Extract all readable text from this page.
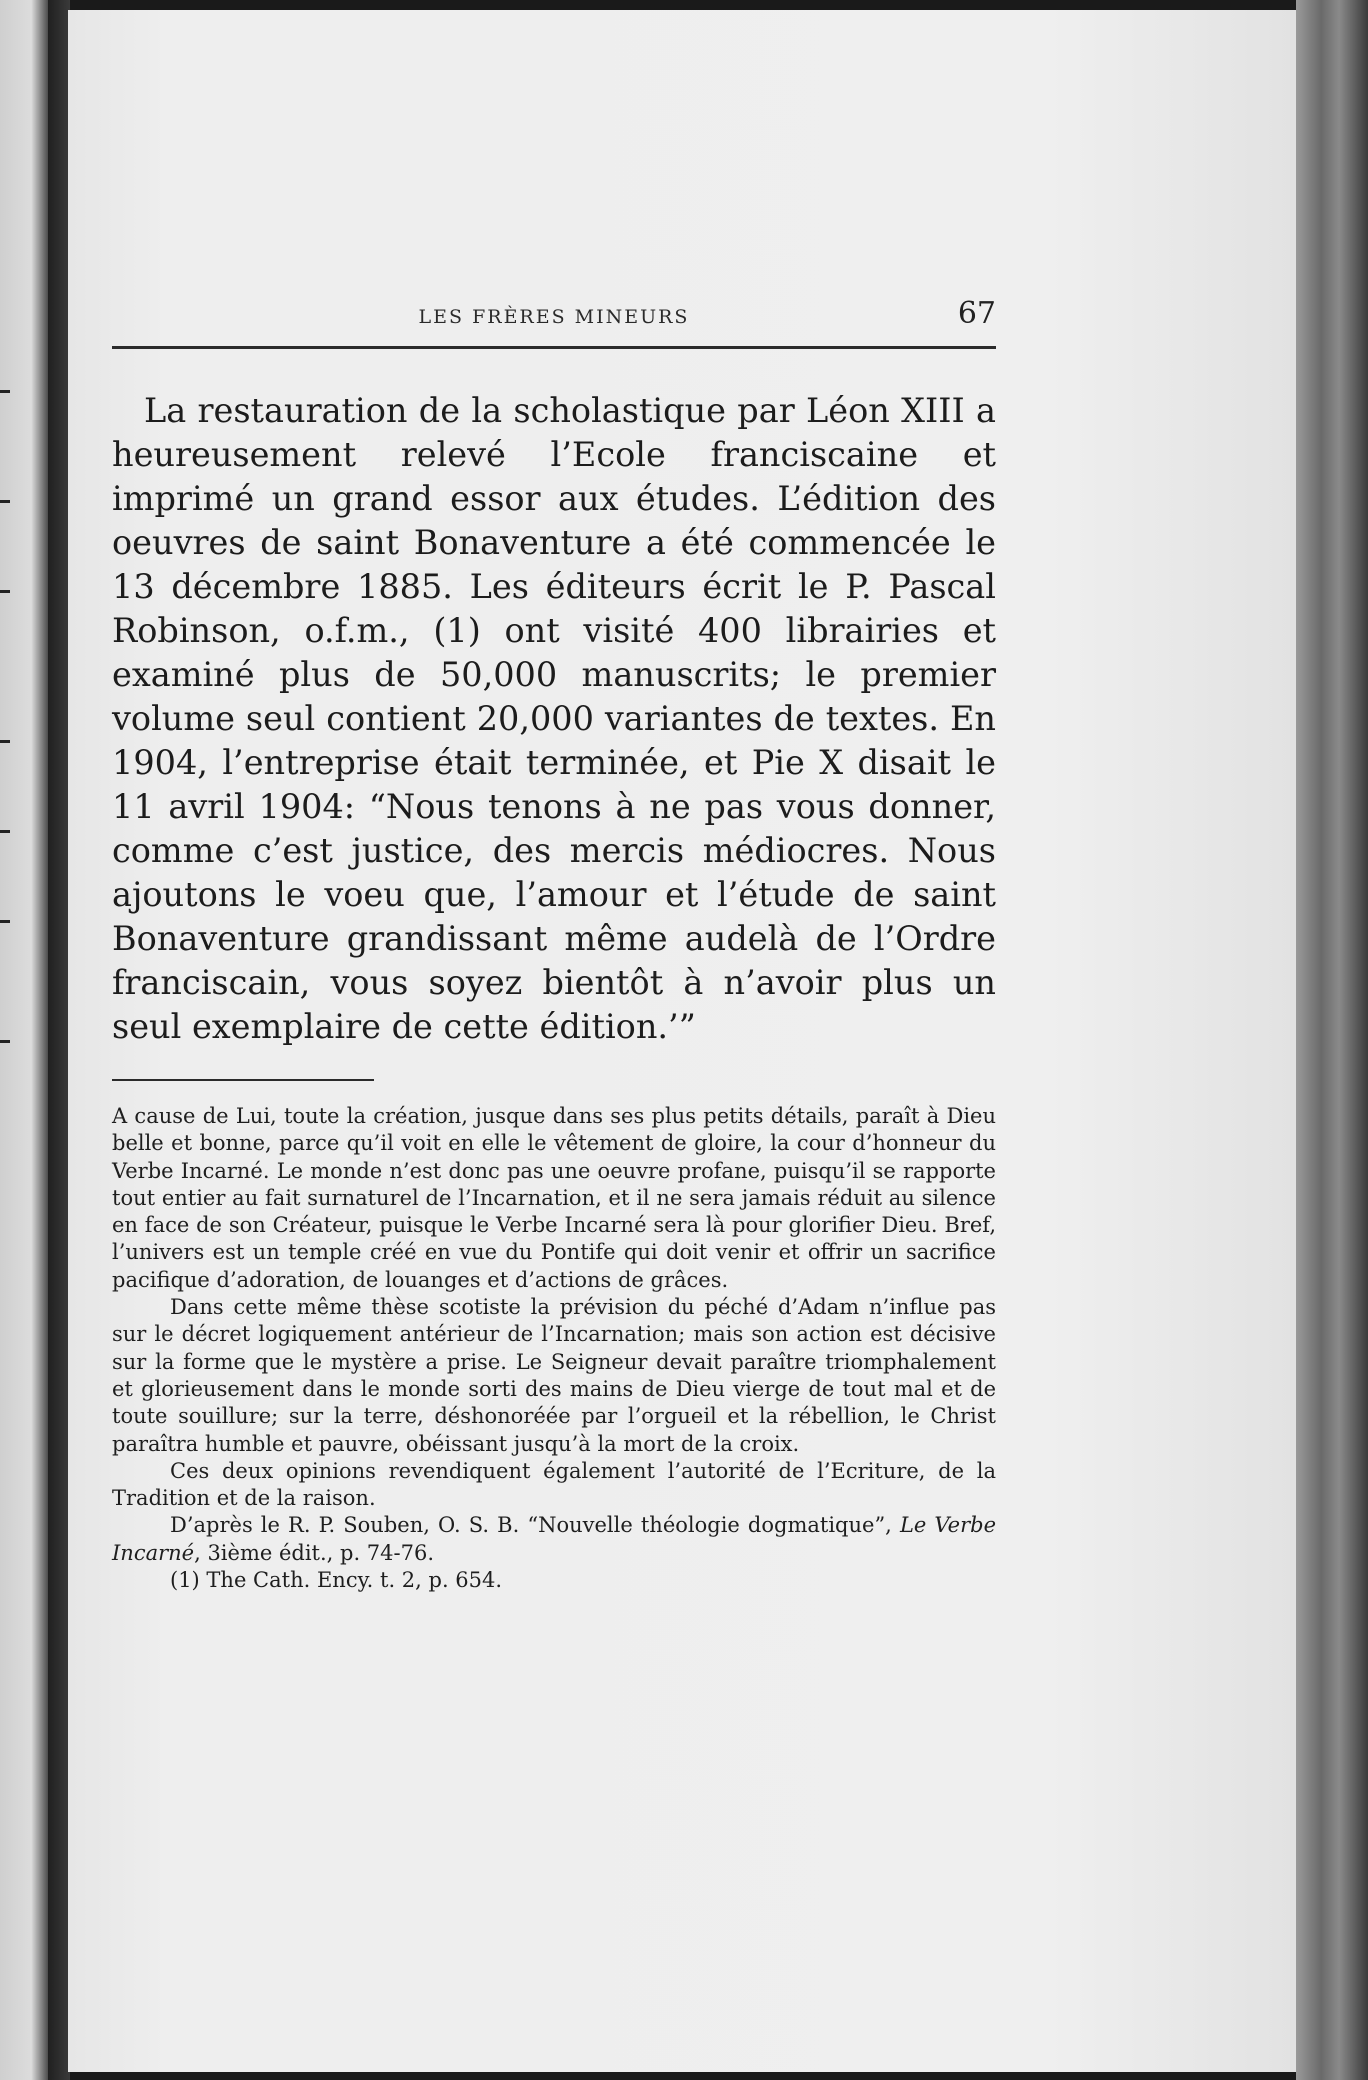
LES FRÈRES MINEURS	67

La restauration de la scholastique par Léon XIII a heureusement relevé l’Ecole franciscaine et imprimé un grand essor aux études. L’édition des oeuvres de saint Bonaventure a été commencée le 13 décembre 1885. Les éditeurs écrit le P. Pascal Robinson, o.f.m., (1) ont visité 400 librairies et examiné plus de 50,000 manuscrits; le premier volume seul contient 20,000 variantes de textes. En 1904, l’entreprise était terminée, et Pie X disait le 11 avril 1904: “Nous tenons à ne pas vous donner, comme c’est justice, des mercis médiocres. Nous ajoutons le voeu que, l’amour et l’étude de saint Bonaventure grandissant même audelà de l’Ordre franciscain, vous soyez bientôt à n’avoir plus un seul exemplaire de cette édition.’”

A cause de Lui, toute la création, jusque dans ses plus petits détails, paraît à Dieu belle et bonne, parce qu’il voit en elle le vêtement de gloire, la cour d’honneur du Verbe Incarné. Le monde n’est donc pas une oeuvre profane, puisqu’il se rapporte tout entier au fait surnaturel de l’Incarnation, et il ne sera jamais réduit au silence en face de son Créateur, puisque le Verbe Incarné sera là pour glorifier Dieu. Bref, l’univers est un temple créé en vue du Pontife qui doit venir et offrir un sacrifice pacifique d’adoration, de louanges et d’actions de grâces.

Dans cette même thèse scotiste la prévision du péché d’Adam n’influe pas sur le décret logiquement antérieur de l’Incarnation; mais son action est décisive sur la forme que le mystère a prise. Le Seigneur devait paraître triomphalement et glorieusement dans le monde sorti des mains de Dieu vierge de tout mal et de toute souillure; sur la terre, déshonoréée par l’orgueil et la rébellion, le Christ paraîtra humble et pauvre, obéissant jusqu’à la mort de la croix.

Ces deux opinions revendiquent également l’autorité de l’Ecriture, de la Tradition et de la raison.

D’après le R. P. Souben, O. S. B. “Nouvelle théologie dogmatique”, Le Verbe Incarné, 3ième édit., p. 74-76.

(1) The Cath. Ency. t. 2, p. 654.
